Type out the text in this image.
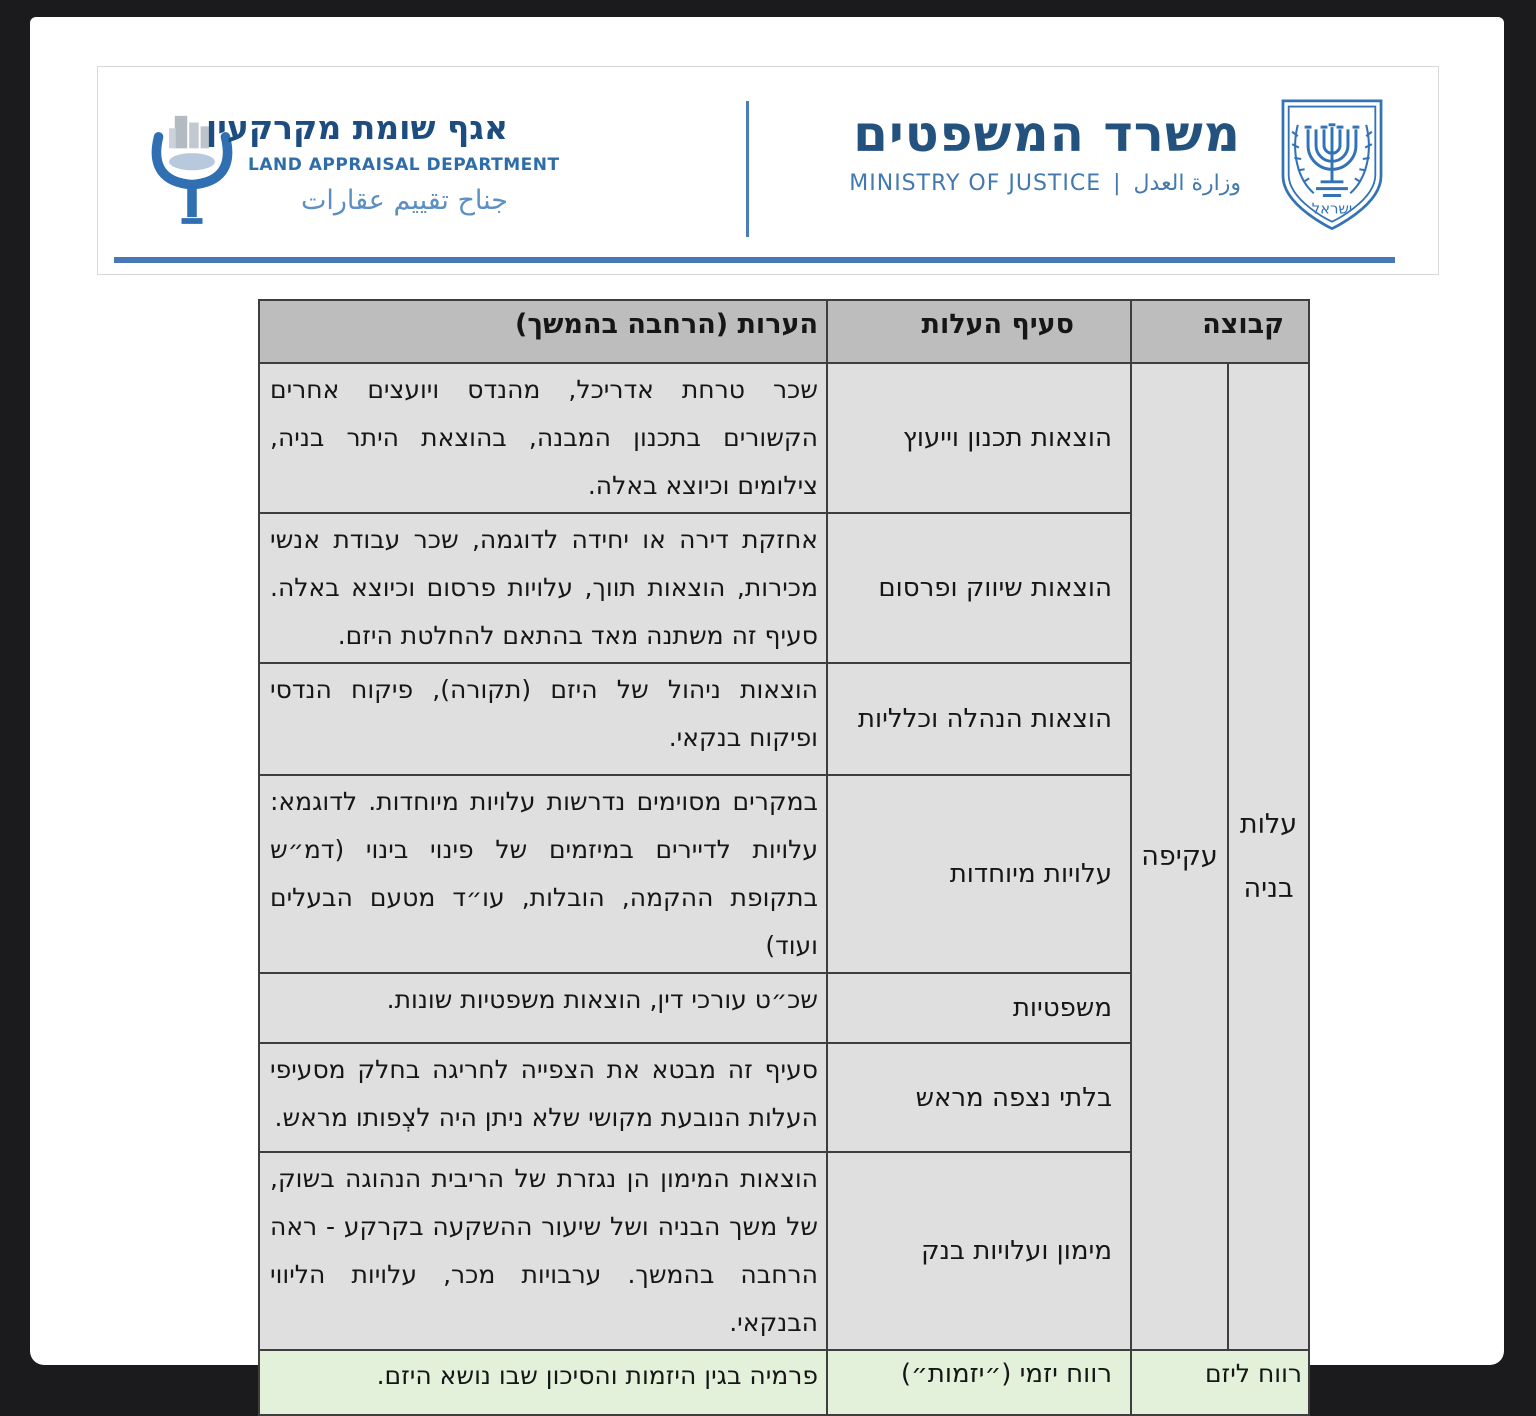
ישראל
משרד המשפטים
MINISTRY OF JUSTICE | وزارة العدل
אגף שומת מקרקעין
LAND APPRAISAL DEPARTMENT
جناح تقييم عقارات
קבוצה		סעיף העלות	הערות (הרחבה בהמשך)
עלות בניה	עקיפה	הוצאות תכנון וייעוץ	שכר טרחת אדריכל, מהנדס ויועצים אחרים הקשורים בתכנון המבנה, בהוצאת היתר בניה, צילומים וכיוצא באלה.
		הוצאות שיווק ופרסום	אחזקת דירה או יחידה לדוגמה, שכר עבודת אנשי מכירות, הוצאות תווך, עלויות פרסום וכיוצא באלה. סעיף זה משתנה מאד בהתאם להחלטת היזם.
		הוצאות הנהלה וכלליות	הוצאות ניהול של היזם (תקורה), פיקוח הנדסי ופיקוח בנקאי.
		עלויות מיוחדות	במקרים מסוימים נדרשות עלויות מיוחדות. לדוגמא: עלויות לדיירים במיזמים של פינוי בינוי (דמ״ש בתקופת ההקמה, הובלות, עו״ד מטעם הבעלים ועוד)
		משפטיות	שכ״ט עורכי דין, הוצאות משפטיות שונות.
		בלתי נצפה מראש	סעיף זה מבטא את הצפייה לחריגה בחלק מסעיפי העלות הנובעת מקושי שלא ניתן היה לצְפותו מראש.
		מימון ועלויות בנק	הוצאות המימון הן נגזרת של הריבית הנהוגה בשוק, של משך הבניה ושל שיעור ההשקעה בקרקע - ראה הרחבה בהמשך. ערבויות מכר, עלויות הליווי הבנקאי.
רווח ליזם		רווח יזמי (״יזמות״)	פרמיה בגין היזמות והסיכון שבו נושא היזם.
